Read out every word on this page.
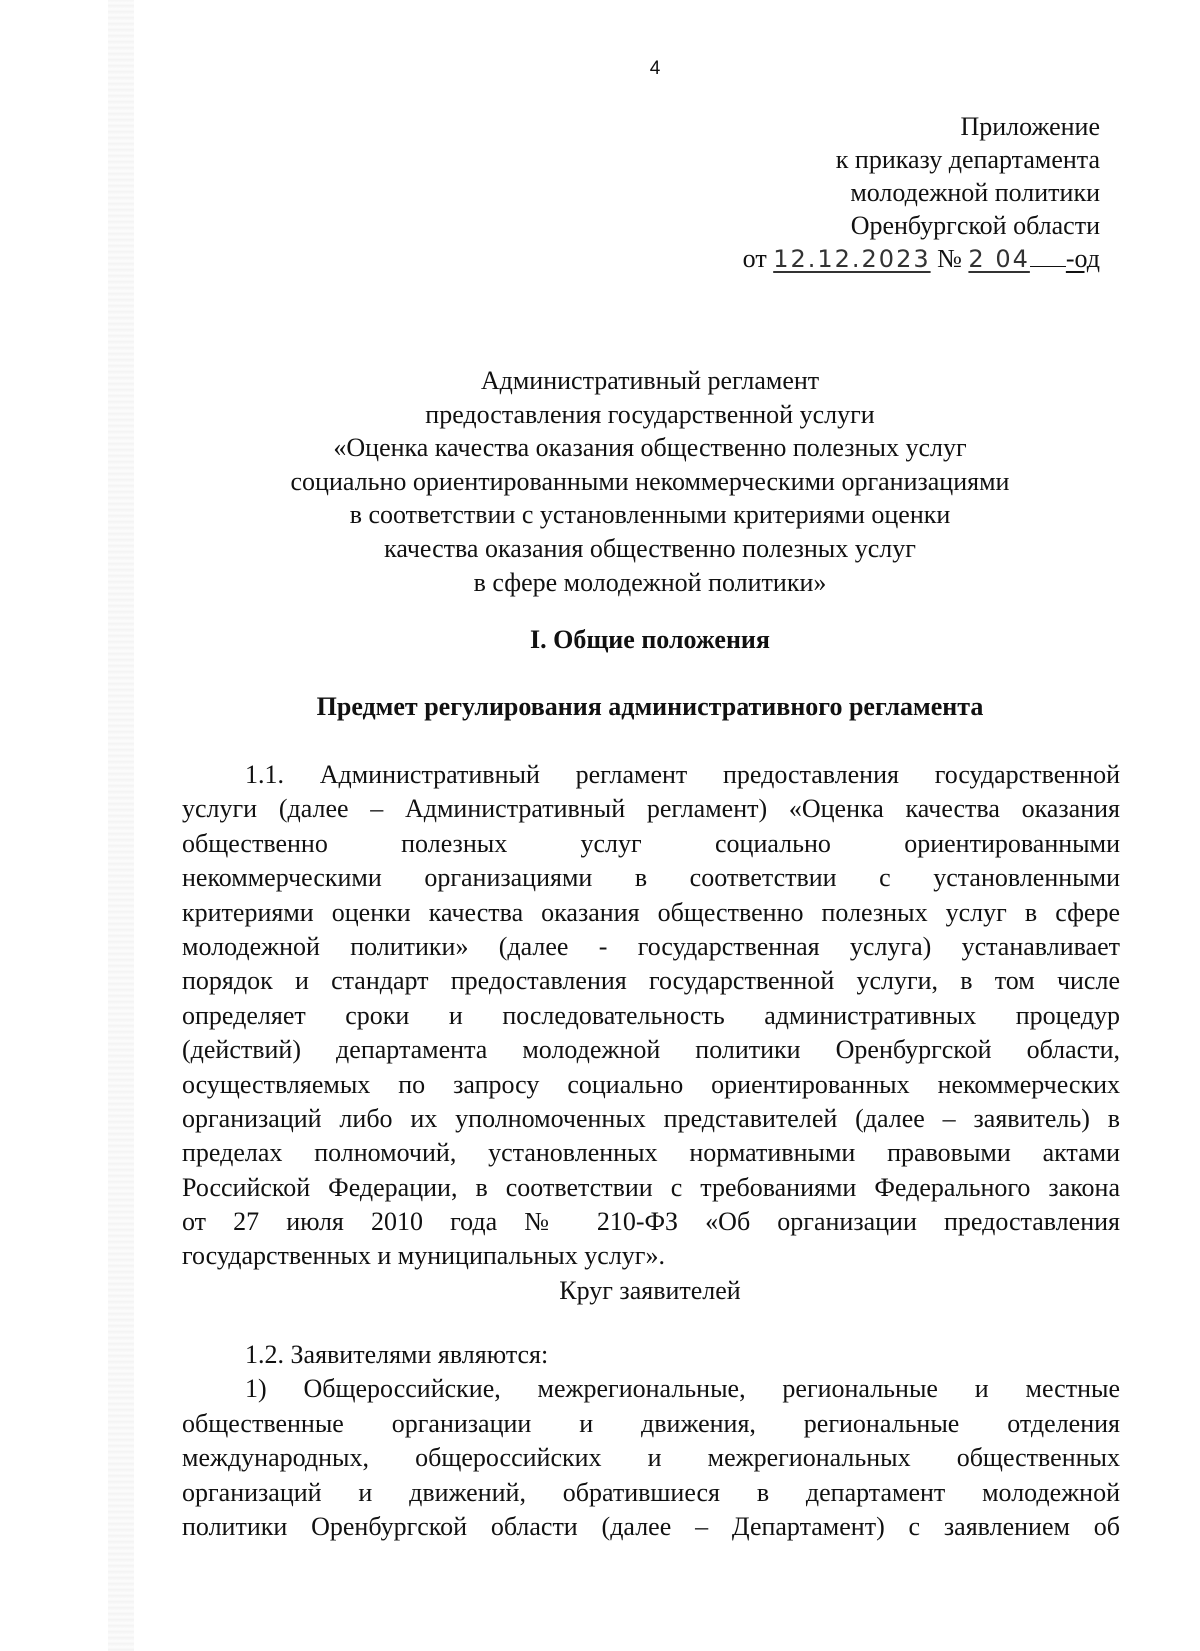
4
Приложение
к приказу департамента
молодежной политики
Оренбургской области
от 12.12.2023 № 2 04 -од
Административный регламент
предоставления государственной услуги
«Оценка качества оказания общественно полезных услуг
социально ориентированными некоммерческими организациями
в соответствии с установленными критериями оценки
качества оказания общественно полезных услуг
в сфере молодежной политики»
I. Общие положения
Предмет регулирования административного регламента
1.1. Административный регламент предоставления государственной
услуги (далее – Административный регламент) «Оценка качества оказания
общественно полезных услуг социально ориентированными
некоммерческими организациями в соответствии с установленными
критериями оценки качества оказания общественно полезных услуг в сфере
молодежной политики» (далее - государственная услуга) устанавливает
порядок и стандарт предоставления государственной услуги, в том числе
определяет сроки и последовательность административных процедур
(действий) департамента молодежной политики Оренбургской области,
осуществляемых по запросу социально ориентированных некоммерческих
организаций либо их уполномоченных представителей (далее – заявитель) в
пределах полномочий, установленных нормативными правовыми актами
Российской Федерации, в соответствии с требованиями Федерального закона
от 27 июля 2010 года № 210-ФЗ «Об организации предоставления
государственных и муниципальных услуг».
Круг заявителей
1.2. Заявителями являются:
1) Общероссийские, межрегиональные, региональные и местные
общественные организации и движения, региональные отделения
международных, общероссийских и межрегиональных общественных
организаций и движений, обратившиеся в департамент молодежной
политики Оренбургской области (далее – Департамент) с заявлением об
